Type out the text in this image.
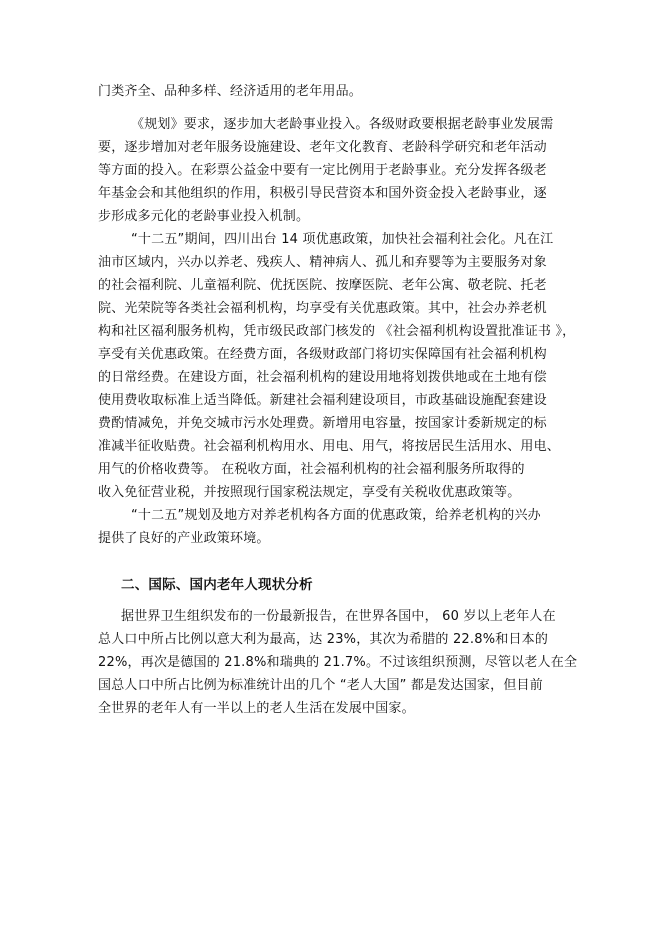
门类齐全、品种多样、经济适用的老年用品。
《规划》要求，逐步加大老龄事业投入。各级财政要根据老龄事业发展需
要，逐步增加对老年服务设施建设、老年文化教育、老龄科学研究和老年活动
等方面的投入。在彩票公益金中要有一定比例用于老龄事业。充分发挥各级老
年基金会和其他组织的作用，积极引导民营资本和国外资金投入老龄事业，逐
步形成多元化的老龄事业投入机制。
“十二五”期间，四川出台 14 项优惠政策，加快社会福利社会化。凡在江
油市区域内，兴办以养老、残疾人、精神病人、孤儿和弃婴等为主要服务对象
的社会福利院、儿童福利院、优抚医院、按摩医院、老年公寓、敬老院、托老
院、光荣院等各类社会福利机构，均享受有关优惠政策。其中，社会办养老机
构和社区福利服务机构，凭市级民政部门核发的 《社会福利机构设置批准证书 》，
享受有关优惠政策。在经费方面，各级财政部门将切实保障国有社会福利机构
的日常经费。在建设方面，社会福利机构的建设用地将划拨供地或在土地有偿
使用费收取标准上适当降低。新建社会福利建设项目，市政基础设施配套建设
费酌情减免，并免交城市污水处理费。新增用电容量，按国家计委新规定的标
准减半征收贴费。社会福利机构用水、用电、用气，将按居民生活用水、用电、
用气的价格收费等。 在税收方面，社会福利机构的社会福利服务所取得的
收入免征营业税，并按照现行国家税法规定，享受有关税收优惠政策等。
“十二五”规划及地方对养老机构各方面的优惠政策，给养老机构的兴办
提供了良好的产业政策环境。
二、国际、国内老年人现状分析
据世界卫生组织发布的一份最新报告，在世界各国中， 60 岁以上老年人在
总人口中所占比例以意大利为最高，达 23%，其次为希腊的 22.8%和日本的
22%，再次是德国的 21.8%和瑞典的 21.7%。不过该组织预测，尽管以老人在全
国总人口中所占比例为标准统计出的几个 “老人大国” 都是发达国家，但目前
全世界的老年人有一半以上的老人生活在发展中国家。
